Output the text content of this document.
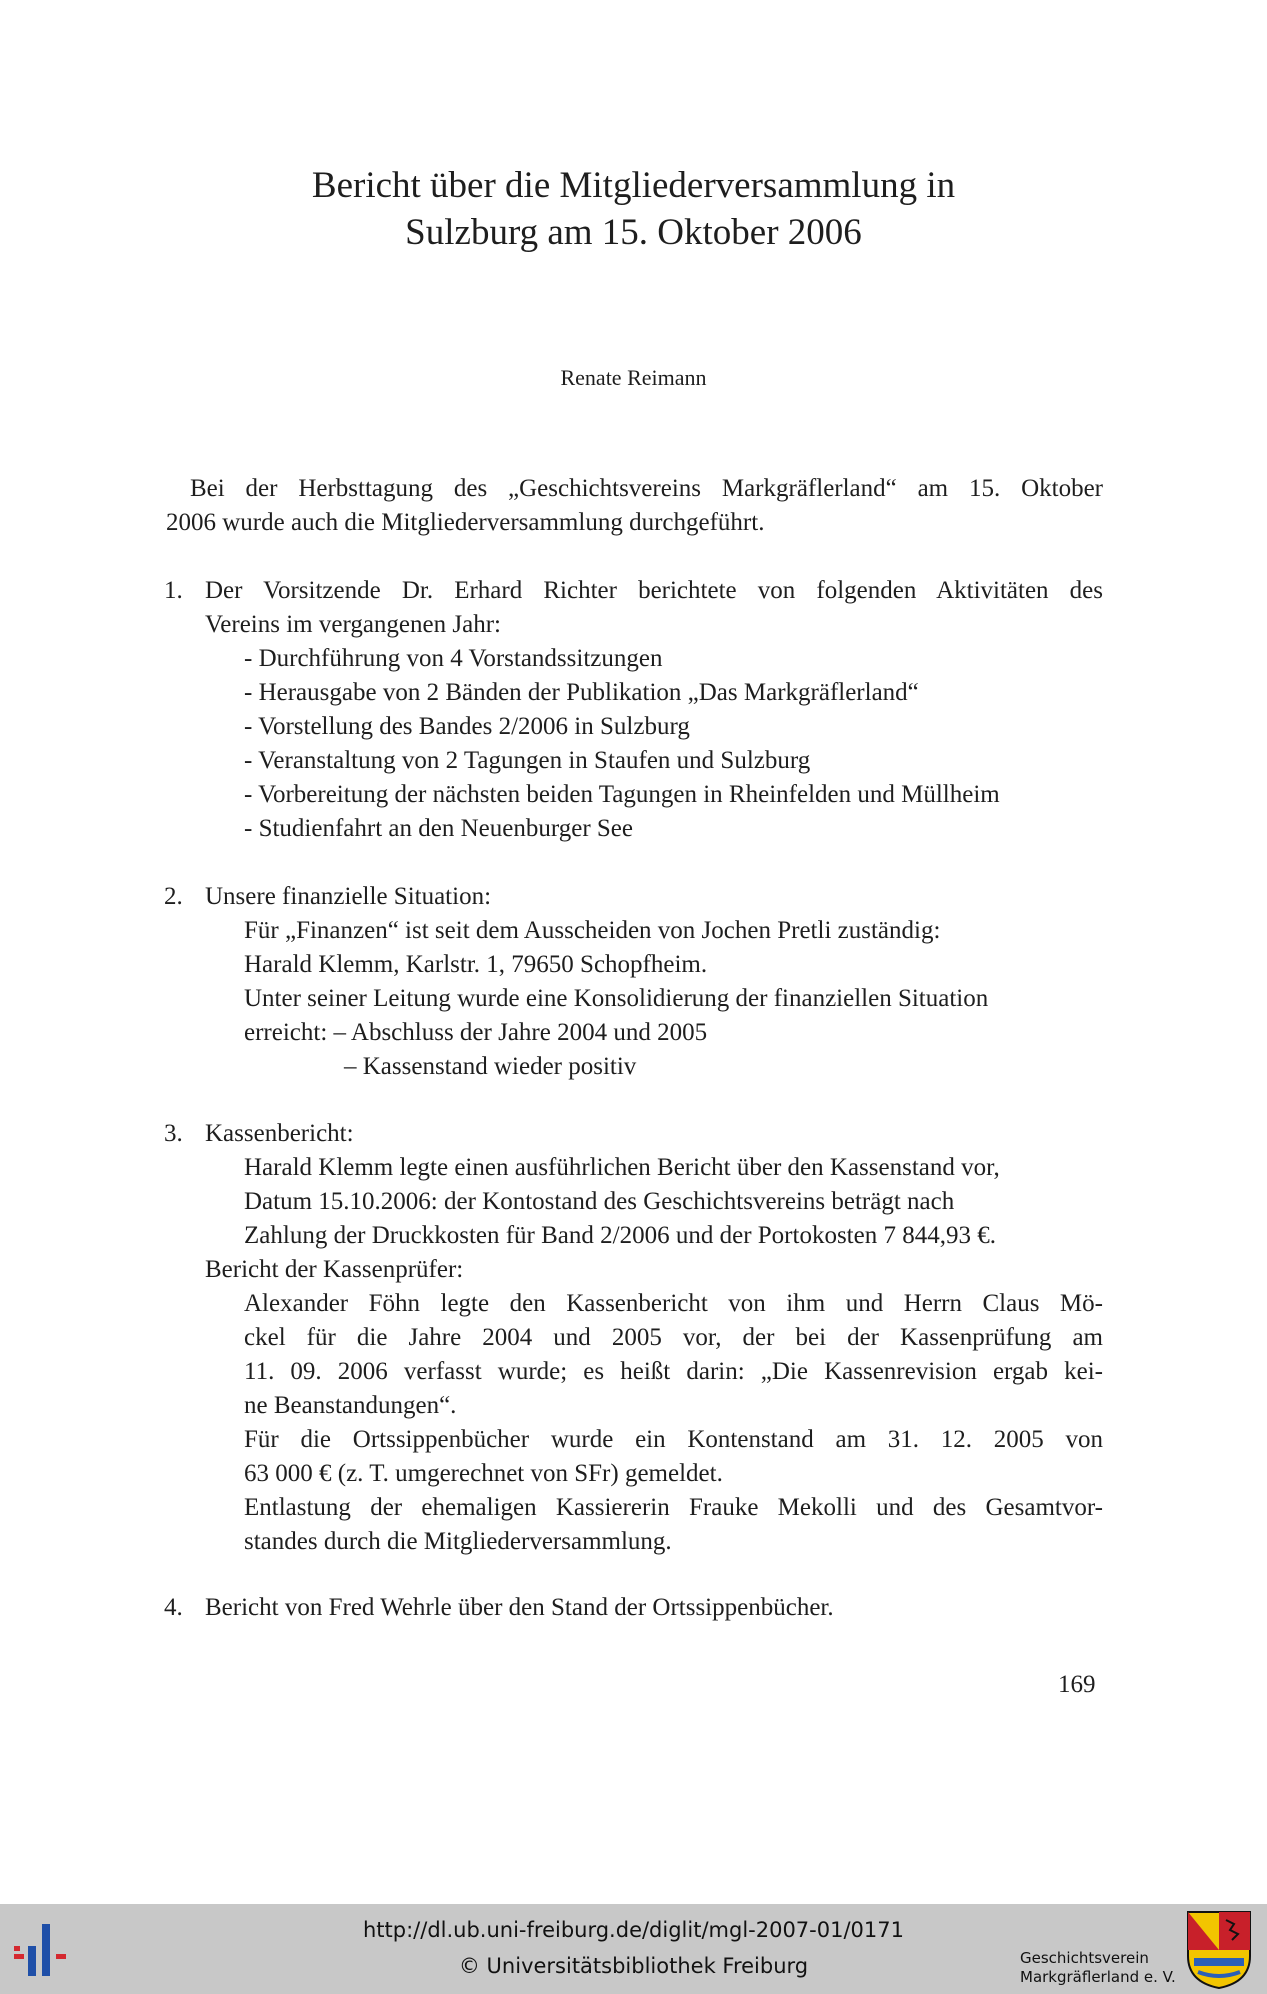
Bericht über die Mitgliederversammlung in
Sulzburg am 15. Oktober 2006
Renate Reimann
Bei der Herbsttagung des „Geschichtsvereins Markgräflerland“ am 15. Oktober
2006 wurde auch die Mitgliederversammlung durchgeführt.
1. Der Vorsitzende Dr. Erhard Richter berichtete von folgenden Aktivitäten des
Vereins im vergangenen Jahr:
- Durchführung von 4 Vorstandssitzungen
- Herausgabe von 2 Bänden der Publikation „Das Markgräflerland“
- Vorstellung des Bandes 2/2006 in Sulzburg
- Veranstaltung von 2 Tagungen in Staufen und Sulzburg
- Vorbereitung der nächsten beiden Tagungen in Rheinfelden und Müllheim
- Studienfahrt an den Neuenburger See
2. Unsere finanzielle Situation:
Für „Finanzen“ ist seit dem Ausscheiden von Jochen Pretli zuständig:
Harald Klemm, Karlstr. 1, 79650 Schopfheim.
Unter seiner Leitung wurde eine Konsolidierung der finanziellen Situation
erreicht: – Abschluss der Jahre 2004 und 2005
– Kassenstand wieder positiv
3. Kassenbericht:
Harald Klemm legte einen ausführlichen Bericht über den Kassenstand vor,
Datum 15.10.2006: der Kontostand des Geschichtsvereins beträgt nach
Zahlung der Druckkosten für Band 2/2006 und der Portokosten 7 844,93 €.
Bericht der Kassenprüfer:
Alexander Föhn legte den Kassenbericht von ihm und Herrn Claus Mö-
ckel für die Jahre 2004 und 2005 vor, der bei der Kassenprüfung am
11. 09. 2006 verfasst wurde; es heißt darin: „Die Kassenrevision ergab kei-
ne Beanstandungen“.
Für die Ortssippenbücher wurde ein Kontenstand am 31. 12. 2005 von
63 000 € (z. T. umgerechnet von SFr) gemeldet.
Entlastung der ehemaligen Kassiererin Frauke Mekolli und des Gesamtvor-
standes durch die Mitgliederversammlung.
4. Bericht von Fred Wehrle über den Stand der Ortssippenbücher.
169
http://dl.ub.uni-freiburg.de/diglit/mgl-2007-01/0171
© Universitätsbibliothek Freiburg	Geschichtsverein
Markgräflerland e. V.
